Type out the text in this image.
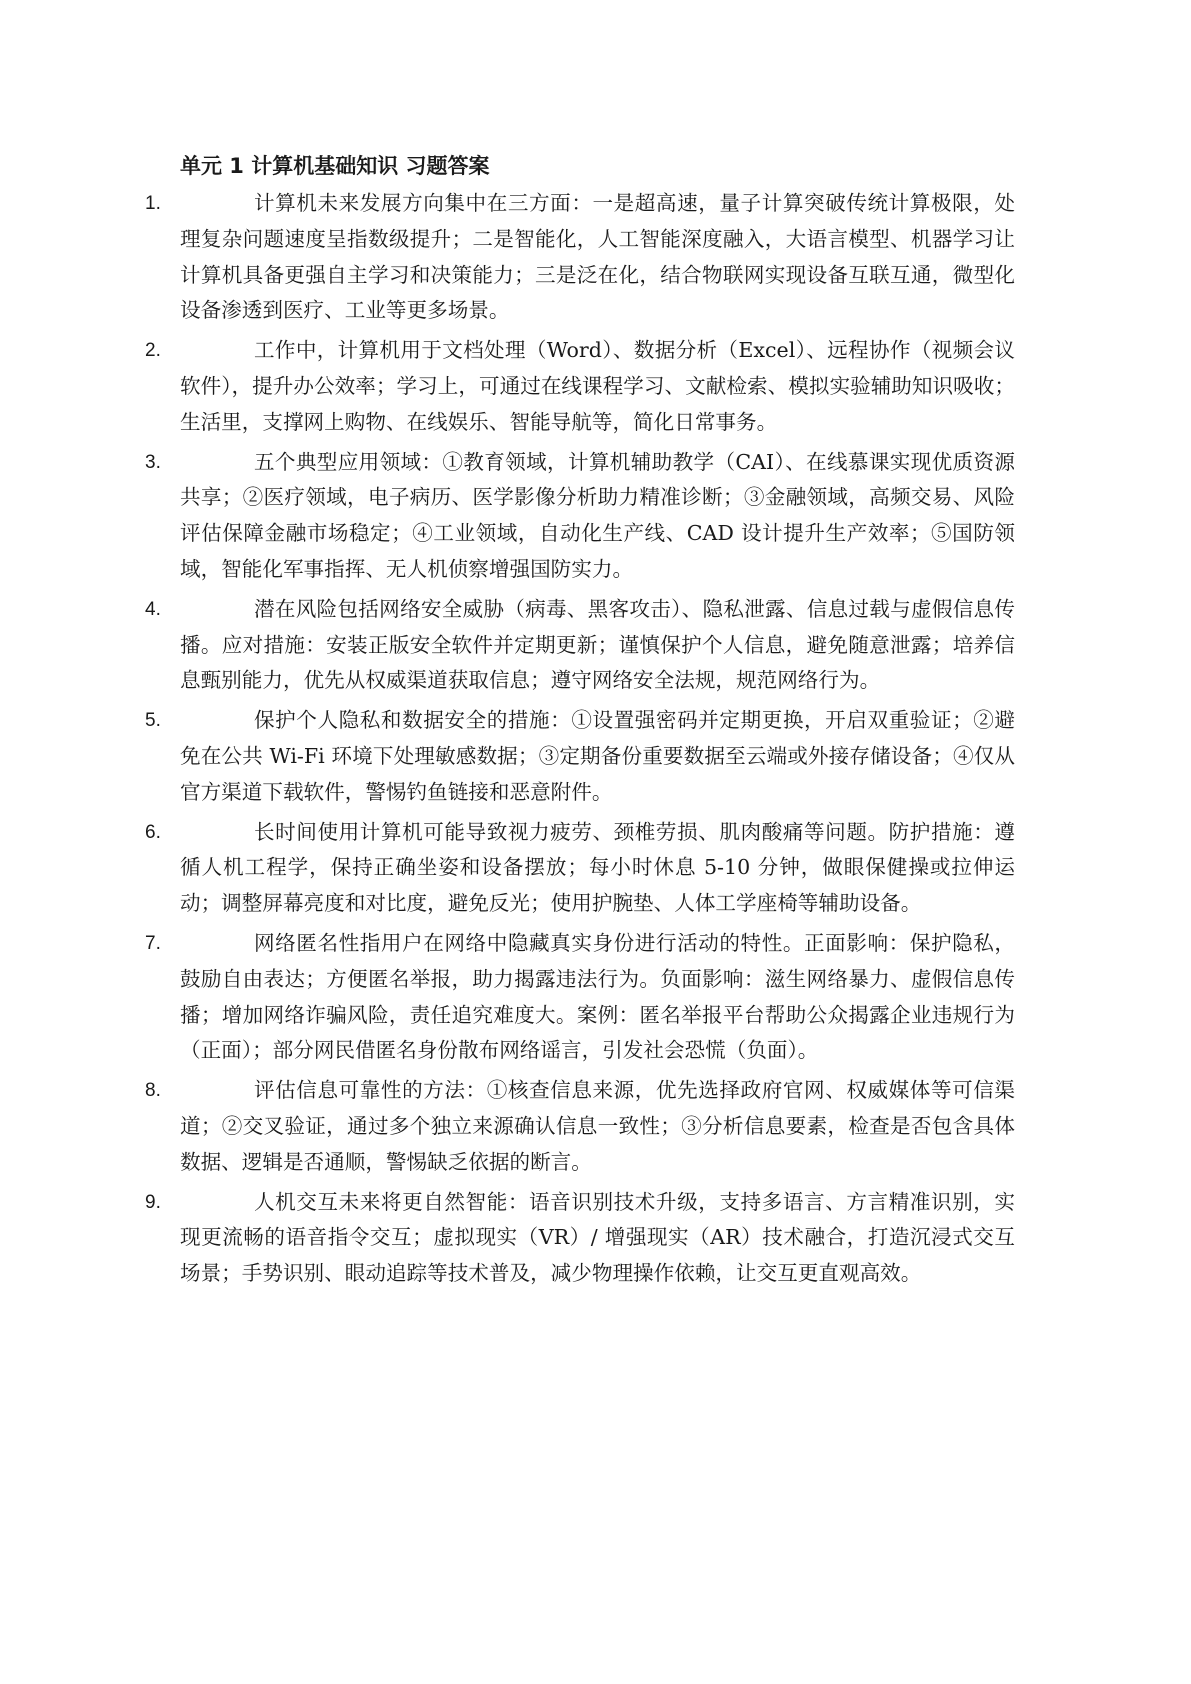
单元 1 计算机基础知识 习题答案
1.	计算机未来发展方向集中在三方面：一是超高速，量子计算突破传统计算极限，处理复杂问题速度呈指数级提升；二是智能化，人工智能深度融入，大语言模型、机器学习让计算机具备更强自主学习和决策能力；三是泛在化，结合物联网实现设备互联互通，微型化设备渗透到医疗、工业等更多场景。
2.	工作中，计算机用于文档处理（Word）、数据分析（Excel）、远程协作（视频会议软件），提升办公效率；学习上，可通过在线课程学习、文献检索、模拟实验辅助知识吸收；生活里，支撑网上购物、在线娱乐、智能导航等，简化日常事务。
3.	五个典型应用领域：①教育领域，计算机辅助教学（CAI）、在线慕课实现优质资源共享；②医疗领域，电子病历、医学影像分析助力精准诊断；③金融领域，高频交易、风险评估保障金融市场稳定；④工业领域，自动化生产线、CAD 设计提升生产效率；⑤国防领域，智能化军事指挥、无人机侦察增强国防实力。
4.	潜在风险包括网络安全威胁（病毒、黑客攻击）、隐私泄露、信息过载与虚假信息传播。应对措施：安装正版安全软件并定期更新；谨慎保护个人信息，避免随意泄露；培养信息甄别能力，优先从权威渠道获取信息；遵守网络安全法规，规范网络行为。
5.	保护个人隐私和数据安全的措施：①设置强密码并定期更换，开启双重验证；②避免在公共 Wi-Fi 环境下处理敏感数据；③定期备份重要数据至云端或外接存储设备；④仅从官方渠道下载软件，警惕钓鱼链接和恶意附件。
6.	长时间使用计算机可能导致视力疲劳、颈椎劳损、肌肉酸痛等问题。防护措施：遵循人机工程学，保持正确坐姿和设备摆放；每小时休息 5-10 分钟，做眼保健操或拉伸运动；调整屏幕亮度和对比度，避免反光；使用护腕垫、人体工学座椅等辅助设备。
7.	网络匿名性指用户在网络中隐藏真实身份进行活动的特性。正面影响：保护隐私，鼓励自由表达；方便匿名举报，助力揭露违法行为。负面影响：滋生网络暴力、虚假信息传播；增加网络诈骗风险，责任追究难度大。案例：匿名举报平台帮助公众揭露企业违规行为（正面）；部分网民借匿名身份散布网络谣言，引发社会恐慌（负面）。
8.	评估信息可靠性的方法：①核查信息来源，优先选择政府官网、权威媒体等可信渠道；②交叉验证，通过多个独立来源确认信息一致性；③分析信息要素，检查是否包含具体数据、逻辑是否通顺，警惕缺乏依据的断言。
9.	人机交互未来将更自然智能：语音识别技术升级，支持多语言、方言精准识别，实现更流畅的语音指令交互；虚拟现实（VR）/ 增强现实（AR）技术融合，打造沉浸式交互场景；手势识别、眼动追踪等技术普及，减少物理操作依赖，让交互更直观高效。
